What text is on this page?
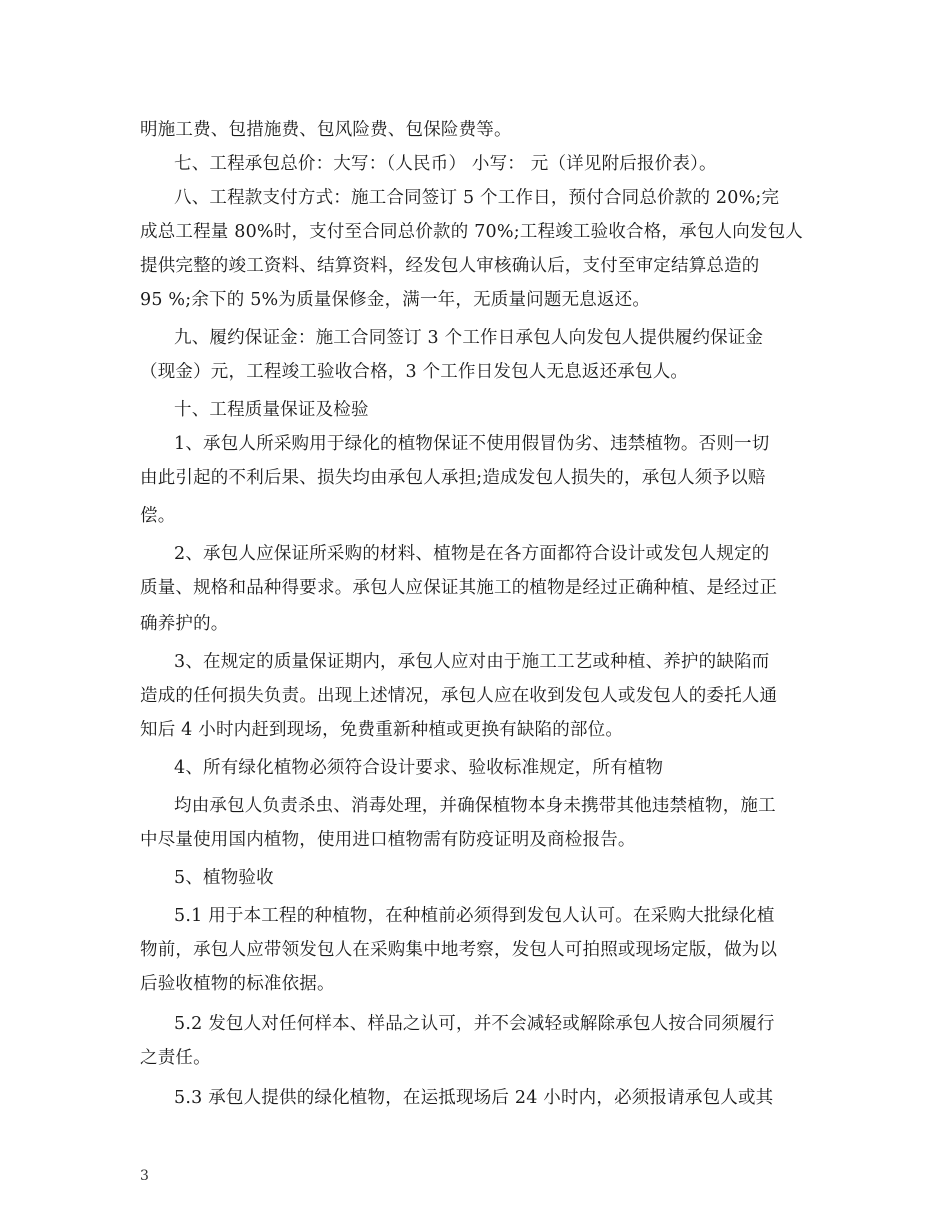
明施工费、包措施费、包风险费、包保险费等。
七、工程承包总价：大写：（人民币） 小写： 元（详见附后报价表）。
八、工程款支付方式：施工合同签订 5 个工作日，预付合同总价款的 20%;完
成总工程量 80%时，支付至合同总价款的 70%;工程竣工验收合格，承包人向发包人
提供完整的竣工资料、结算资料，经发包人审核确认后，支付至审定结算总造的
95 %;余下的 5%为质量保修金，满一年，无质量问题无息返还。
九、履约保证金：施工合同签订 3 个工作日承包人向发包人提供履约保证金
（现金）元，工程竣工验收合格，3 个工作日发包人无息返还承包人。
十、工程质量保证及检验
1、承包人所采购用于绿化的植物保证不使用假冒伪劣、违禁植物。否则一切
由此引起的不利后果、损失均由承包人承担;造成发包人损失的，承包人须予以赔
偿。
2、承包人应保证所采购的材料、植物是在各方面都符合设计或发包人规定的
质量、规格和品种得要求。承包人应保证其施工的植物是经过正确种植、是经过正
确养护的。
3、在规定的质量保证期内，承包人应对由于施工工艺或种植、养护的缺陷而
造成的任何损失负责。出现上述情况，承包人应在收到发包人或发包人的委托人通
知后 4 小时内赶到现场，免费重新种植或更换有缺陷的部位。
4、所有绿化植物必须符合设计要求、验收标准规定，所有植物
均由承包人负责杀虫、消毒处理，并确保植物本身未携带其他违禁植物，施工
中尽量使用国内植物，使用进口植物需有防疫证明及商检报告。
5、植物验收
5.1 用于本工程的种植物，在种植前必须得到发包人认可。在采购大批绿化植
物前，承包人应带领发包人在采购集中地考察，发包人可拍照或现场定版，做为以
后验收植物的标准依据。
5.2 发包人对任何样本、样品之认可，并不会减轻或解除承包人按合同须履行
之责任。
5.3 承包人提供的绿化植物，在运抵现场后 24 小时内，必须报请承包人或其
3
